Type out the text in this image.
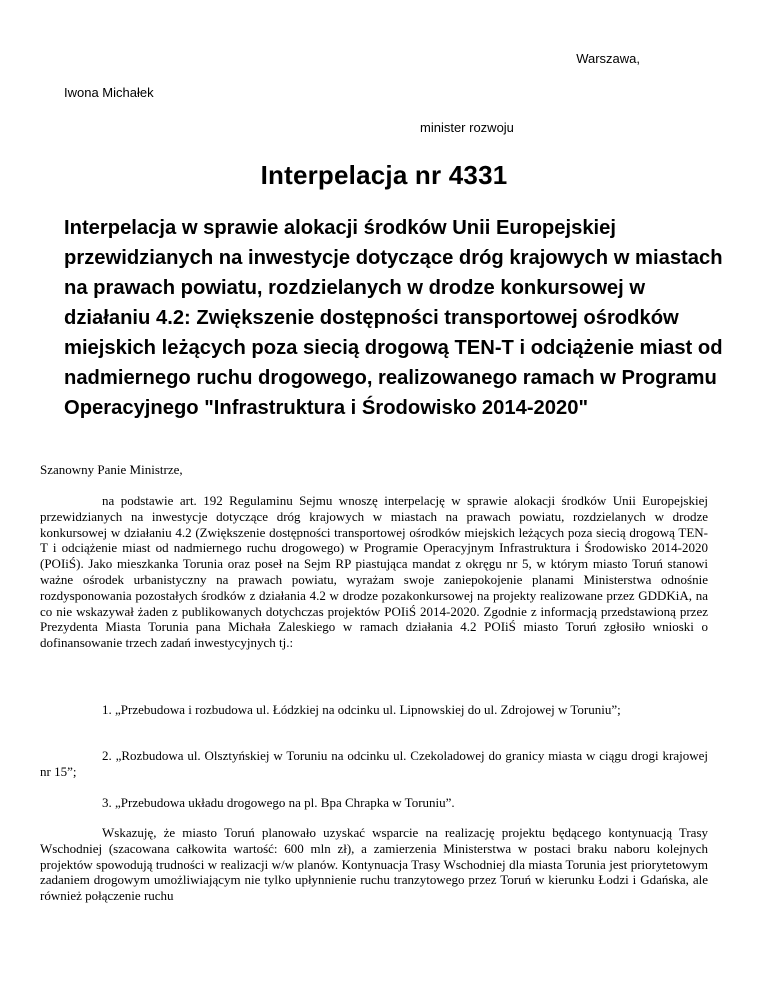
Warszawa,
Iwona Michałek
minister rozwoju
Interpelacja nr 4331
Interpelacja w sprawie alokacji środków Unii Europejskiej przewidzianych na inwestycje dotyczące dróg krajowych w miastach na prawach powiatu, rozdzielanych w drodze konkursowej w działaniu 4.2: Zwiększenie dostępności transportowej ośrodków miejskich leżących poza siecią drogową TEN-T i odciążenie miast od nadmiernego ruchu drogowego, realizowanego ramach w Programu Operacyjnego "Infrastruktura i Środowisko 2014-2020"
Szanowny Panie Ministrze,
na podstawie art. 192 Regulaminu Sejmu wnoszę interpelację w sprawie alokacji środków Unii Europejskiej przewidzianych na inwestycje dotyczące dróg krajowych w miastach na prawach powiatu, rozdzielanych w drodze konkursowej w działaniu 4.2 (Zwiększenie dostępności transportowej ośrodków miejskich leżących poza siecią drogową TEN-T i odciążenie miast od nadmiernego ruchu drogowego) w Programie Operacyjnym Infrastruktura i Środowisko 2014-2020 (POIiŚ). Jako mieszkanka Torunia oraz poseł na Sejm RP piastująca mandat z okręgu nr 5, w którym miasto Toruń stanowi ważne ośrodek urbanistyczny na prawach powiatu, wyrażam swoje zaniepokojenie planami Ministerstwa odnośnie rozdysponowania pozostałych środków z działania 4.2 w drodze pozakonkursowej na projekty realizowane przez GDDKiA, na co nie wskazywał żaden z publikowanych dotychczas projektów POIiŚ 2014-2020. Zgodnie z informacją przedstawioną przez Prezydenta Miasta Torunia pana Michała Zaleskiego w ramach działania 4.2 POIiŚ miasto Toruń zgłosiło wnioski o dofinansowanie trzech zadań inwestycyjnych tj.:
1. „Przebudowa i rozbudowa ul. Łódzkiej na odcinku ul. Lipnowskiej do ul. Zdrojowej w Toruniu”;
2. „Rozbudowa ul. Olsztyńskiej w Toruniu na odcinku ul. Czekoladowej do granicy miasta w ciągu drogi krajowej nr 15”;
3. „Przebudowa układu drogowego na pl. Bpa Chrapka w Toruniu”.
Wskazuję, że miasto Toruń planowało uzyskać wsparcie na realizację projektu będącego kontynuacją Trasy Wschodniej (szacowana całkowita wartość: 600 mln zł), a zamierzenia Ministerstwa w postaci braku naboru kolejnych projektów spowodują trudności w realizacji w/w planów. Kontynuacja Trasy Wschodniej dla miasta Torunia jest priorytetowym zadaniem drogowym umożliwiającym nie tylko upłynnienie ruchu tranzytowego przez Toruń w kierunku Łodzi i Gdańska, ale również połączenie ruchu
